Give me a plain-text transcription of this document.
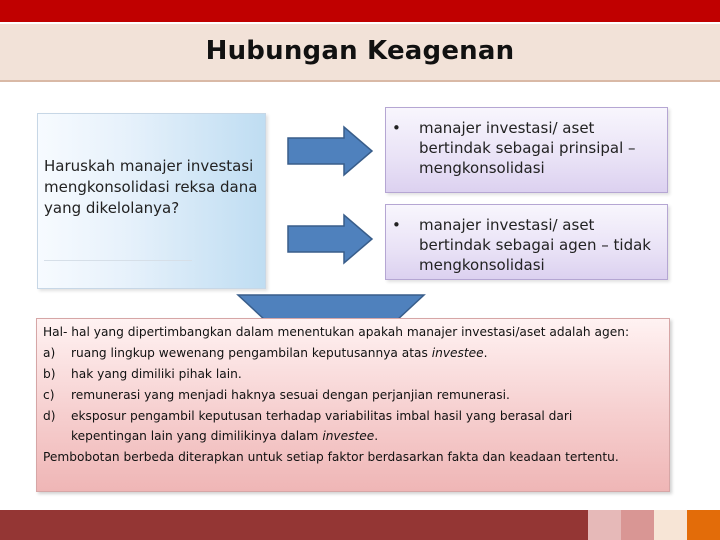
Hubungan Keagenan
Haruskah manajer investasi mengkonsolidasi reksa dana yang dikelolanya?
• manajer investasi/ aset bertindak sebagai prinsipal – mengkonsolidasi
• manajer investasi/ aset bertindak sebagai agen – tidak mengkonsolidasi
Hal- hal yang dipertimbangkan dalam menentukan apakah manajer investasi/aset adalah agen:
a) ruang lingkup wewenang pengambilan keputusannya atas investee.
b) hak yang dimiliki pihak lain.
c) remunerasi yang menjadi haknya sesuai dengan perjanjian remunerasi.
d) eksposur pengambil keputusan terhadap variabilitas imbal hasil yang berasal dari
kepentingan lain yang dimilikinya dalam investee.
Pembobotan berbeda diterapkan untuk setiap faktor berdasarkan fakta dan keadaan tertentu.
